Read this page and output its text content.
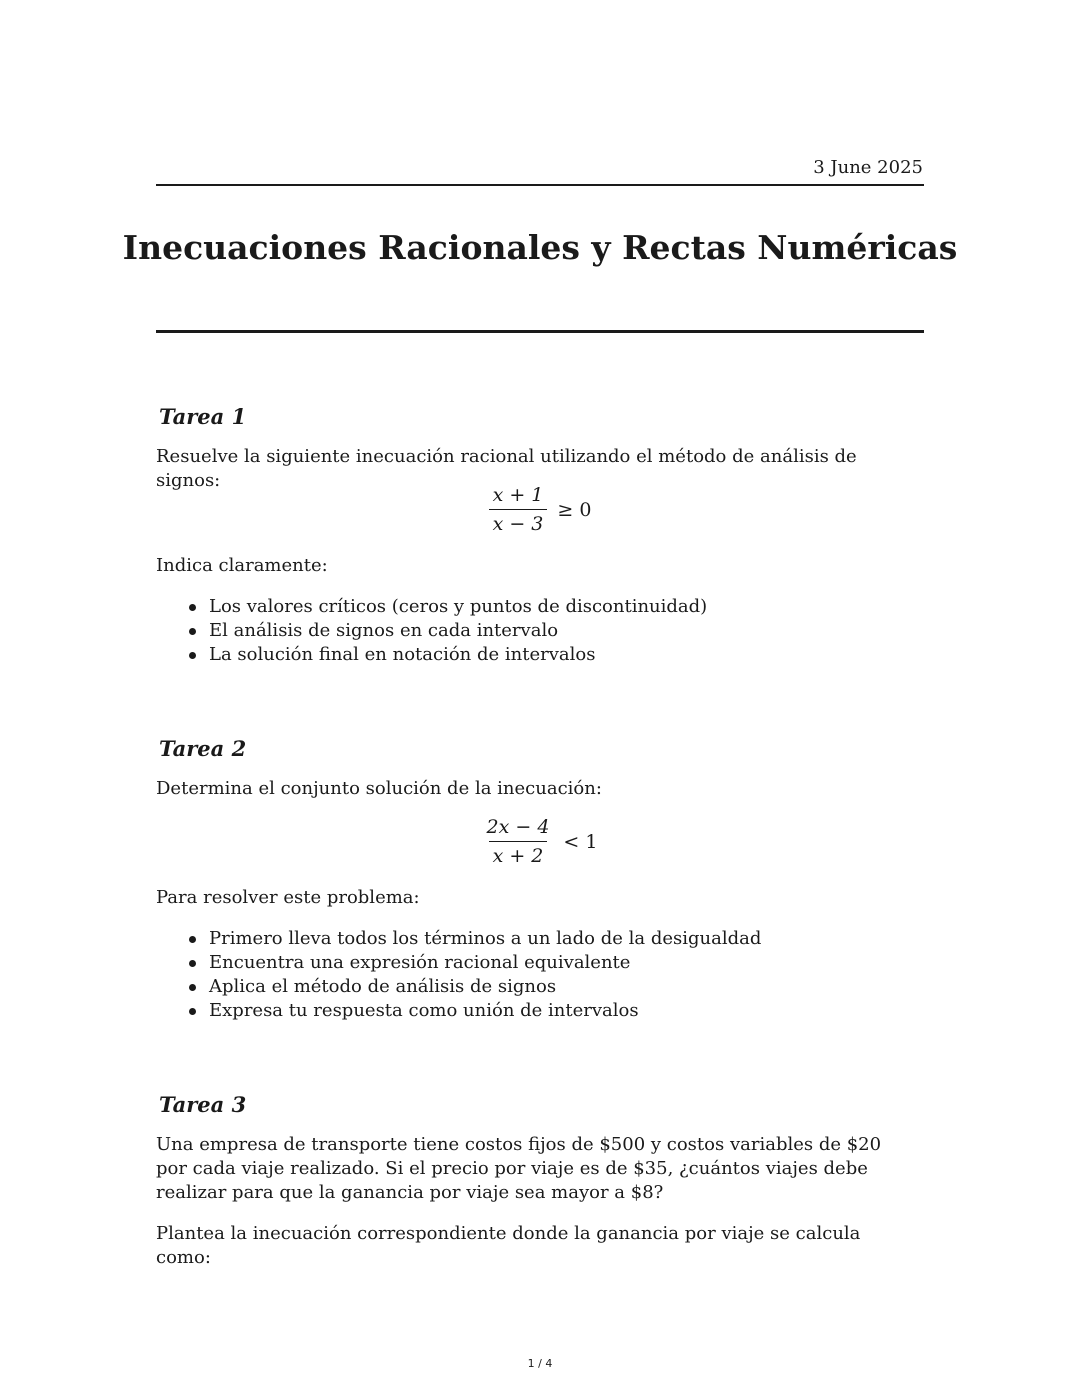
3 June 2025
Inecuaciones Racionales y Rectas Numéricas
Tarea 1
Resuelve la siguiente inecuación racional utilizando el método de análisis de signos:
$\frac{x + 1}{x - 3} \ge 0$
Indica claramente:
Los valores críticos (ceros y puntos de discontinuidad)
El análisis de signos en cada intervalo
La solución final en notación de intervalos
Tarea 2
Determina el conjunto solución de la inecuación:
$\frac{2x - 4}{x + 2} < 1$
Para resolver este problema:
Primero lleva todos los términos a un lado de la desigualdad
Encuentra una expresión racional equivalente
Aplica el método de análisis de signos
Expresa tu respuesta como unión de intervalos
Tarea 3
Una empresa de transporte tiene costos fijos de $500 y costos variables de $20 por cada viaje realizado. Si el precio por viaje es de $35, ¿cuántos viajes debe realizar para que la ganancia por viaje sea mayor a $8?
Plantea la inecuación correspondiente donde la ganancia por viaje se calcula como:
1 / 4
